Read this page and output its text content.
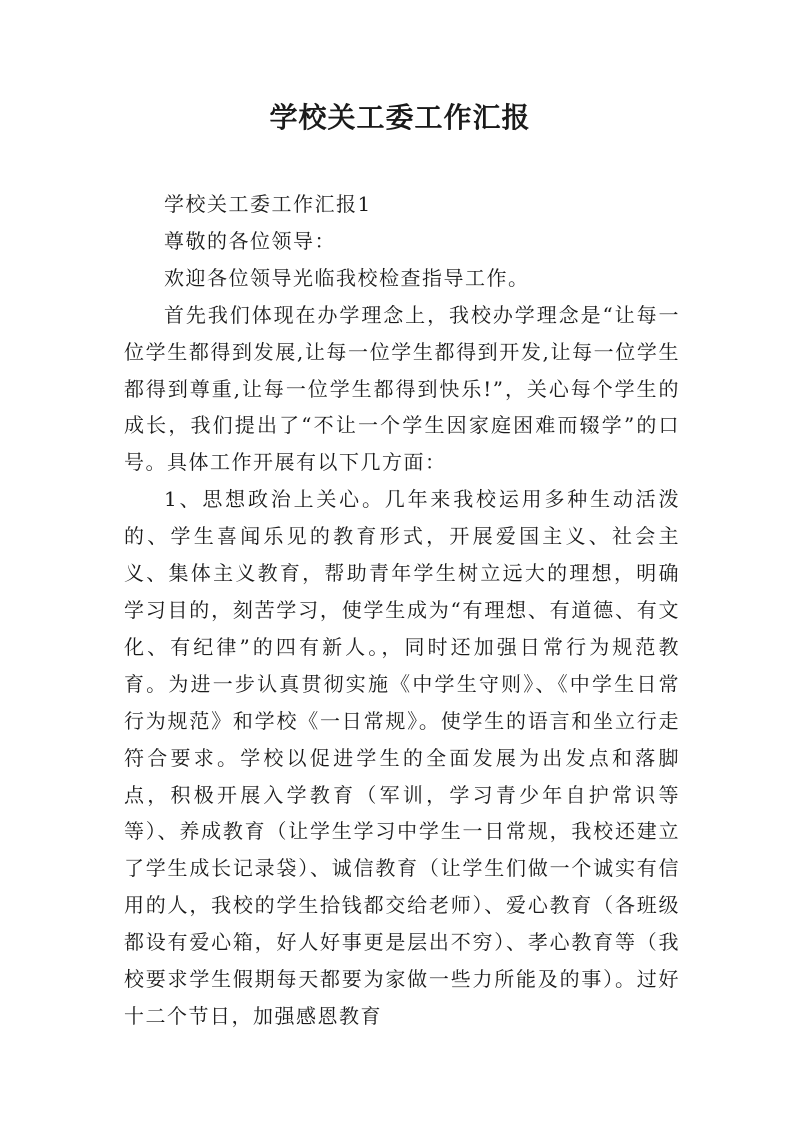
学校关工委工作汇报

学校关工委工作汇报1

尊敬的各位领导：

欢迎各位领导光临我校检查指导工作。

首先我们体现在办学理念上，我校办学理念是“让每一位学生都得到发展,让每一位学生都得到开发,让每一位学生都得到尊重,让每一位学生都得到快乐!”，关心每个学生的成长，我们提出了“不让一个学生因家庭困难而辍学”的口号。具体工作开展有以下几方面：

1、思想政治上关心。几年来我校运用多种生动活泼的、学生喜闻乐见的教育形式，开展爱国主义、社会主义、集体主义教育，帮助青年学生树立远大的理想，明确学习目的，刻苦学习，使学生成为“有理想、有道德、有文化、有纪律”的四有新人。，同时还加强日常行为规范教育。为进一步认真贯彻实施《中学生守则》、《中学生日常行为规范》和学校《一日常规》。使学生的语言和坐立行走符合要求。学校以促进学生的全面发展为出发点和落脚点，积极开展入学教育（军训，学习青少年自护常识等等）、养成教育（让学生学习中学生一日常规，我校还建立了学生成长记录袋）、诚信教育（让学生们做一个诚实有信用的人，我校的学生拾钱都交给老师）、爱心教育（各班级都设有爱心箱，好人好事更是层出不穷）、孝心教育等（我校要求学生假期每天都要为家做一些力所能及的事）。过好十二个节日，加强感恩教育
